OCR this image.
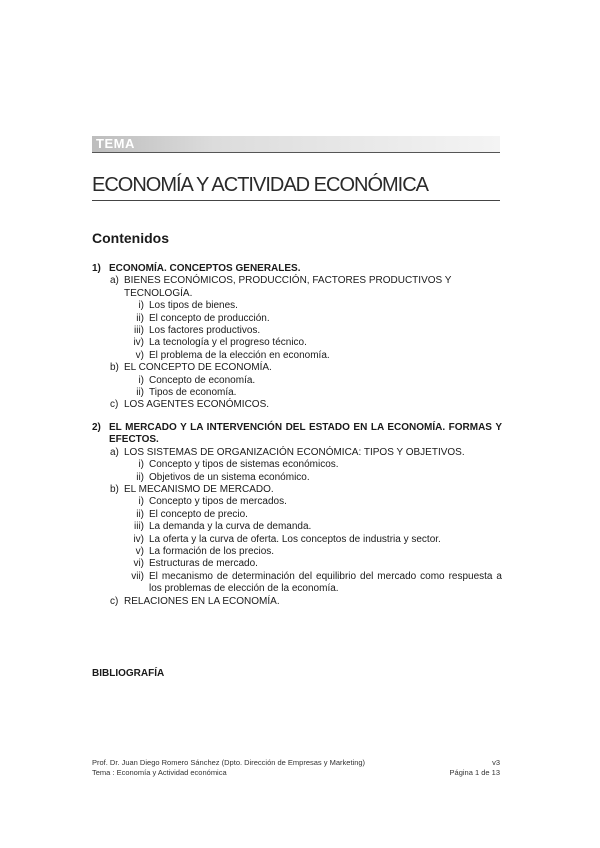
TEMA
ECONOMÍA Y ACTIVIDAD ECONÓMICA
Contenidos
1) ECONOMÍA. CONCEPTOS GENERALES.
a) BIENES ECONÓMICOS, PRODUCCIÓN, FACTORES PRODUCTIVOS Y TECNOLOGÍA.
i) Los tipos de bienes.
ii) El concepto de producción.
iii) Los factores productivos.
iv) La tecnología y el progreso técnico.
v) El problema de la elección en economía.
b) EL CONCEPTO DE ECONOMÍA.
i) Concepto de economía.
ii) Tipos de economía.
c) LOS AGENTES ECONÓMICOS.
2) EL MERCADO Y LA INTERVENCIÓN DEL ESTADO EN LA ECONOMÍA. FORMAS Y EFECTOS.
a) LOS SISTEMAS DE ORGANIZACIÓN ECONÓMICA: TIPOS Y OBJETIVOS.
i) Concepto y tipos de sistemas económicos.
ii) Objetivos de un sistema económico.
b) EL MECANISMO DE MERCADO.
i) Concepto y tipos de mercados.
ii) El concepto de precio.
iii) La demanda y la curva de demanda.
iv) La oferta y la curva de oferta. Los conceptos de industria y sector.
v) La formación de los precios.
vi) Estructuras de mercado.
vii) El mecanismo de determinación del equilibrio del mercado como respuesta a los problemas de elección de la economía.
c) RELACIONES EN LA ECONOMÍA.
BIBLIOGRAFÍA
Prof. Dr. Juan Diego Romero Sánchez (Dpto. Dirección de Empresas y Marketing)	v3
Tema : Economía y Actividad económica	Página 1 de 13
